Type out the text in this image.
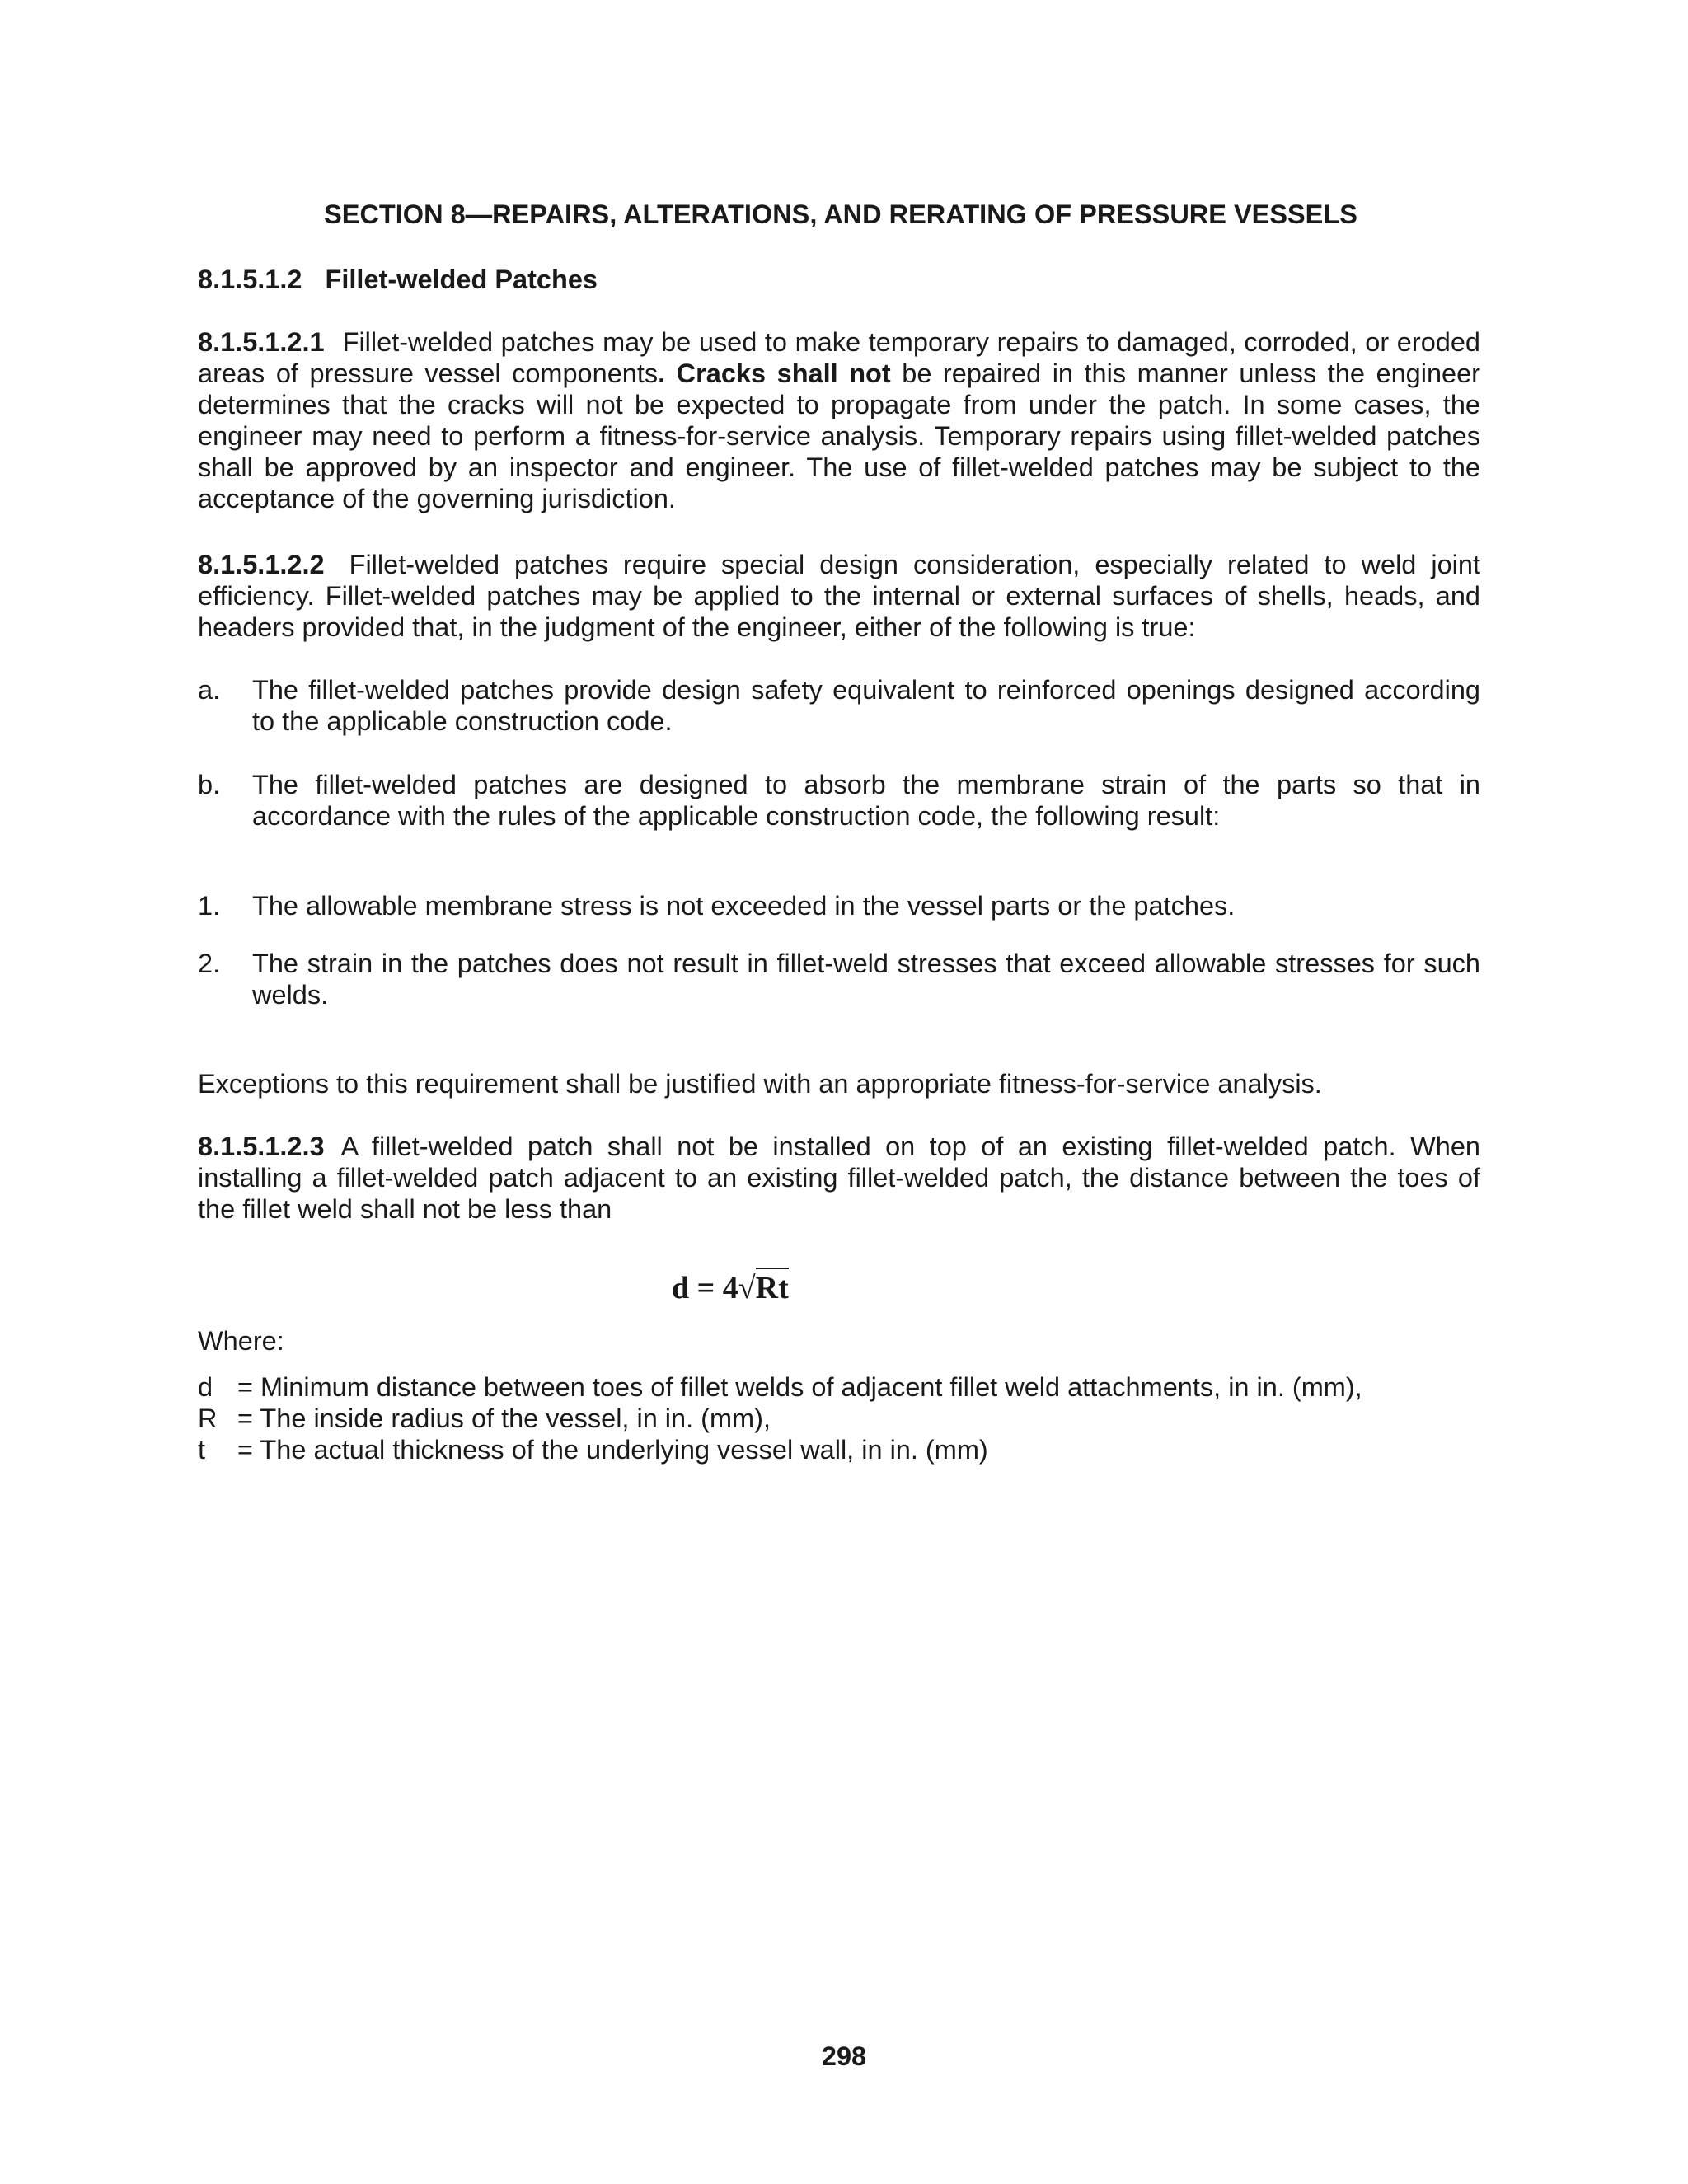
SECTION 8—REPAIRS, ALTERATIONS, AND RERATING OF PRESSURE VESSELS
8.1.5.1.2 Fillet-welded Patches
8.1.5.1.2.1 Fillet-welded patches may be used to make temporary repairs to damaged, corroded, or eroded areas of pressure vessel components. Cracks shall not be repaired in this manner unless the engineer determines that the cracks will not be expected to propagate from under the patch. In some cases, the engineer may need to perform a fitness-for-service analysis. Temporary repairs using fillet-welded patches shall be approved by an inspector and engineer. The use of fillet-welded patches may be subject to the acceptance of the governing jurisdiction.
8.1.5.1.2.2 Fillet-welded patches require special design consideration, especially related to weld joint efficiency. Fillet-welded patches may be applied to the internal or external surfaces of shells, heads, and headers provided that, in the judgment of the engineer, either of the following is true:
a.	The fillet-welded patches provide design safety equivalent to reinforced openings designed according to the applicable construction code.
b.	The fillet-welded patches are designed to absorb the membrane strain of the parts so that in accordance with the rules of the applicable construction code, the following result:
1.	The allowable membrane stress is not exceeded in the vessel parts or the patches.
2.	The strain in the patches does not result in fillet-weld stresses that exceed allowable stresses for such welds.
Exceptions to this requirement shall be justified with an appropriate fitness-for-service analysis.
8.1.5.1.2.3 A fillet-welded patch shall not be installed on top of an existing fillet-welded patch. When installing a fillet-welded patch adjacent to an existing fillet-welded patch, the distance between the toes of the fillet weld shall not be less than
d = 4√Rt
Where:
d = Minimum distance between toes of fillet welds of adjacent fillet weld attachments, in in. (mm),
R = The inside radius of the vessel, in in. (mm),
t = The actual thickness of the underlying vessel wall, in in. (mm)
298
